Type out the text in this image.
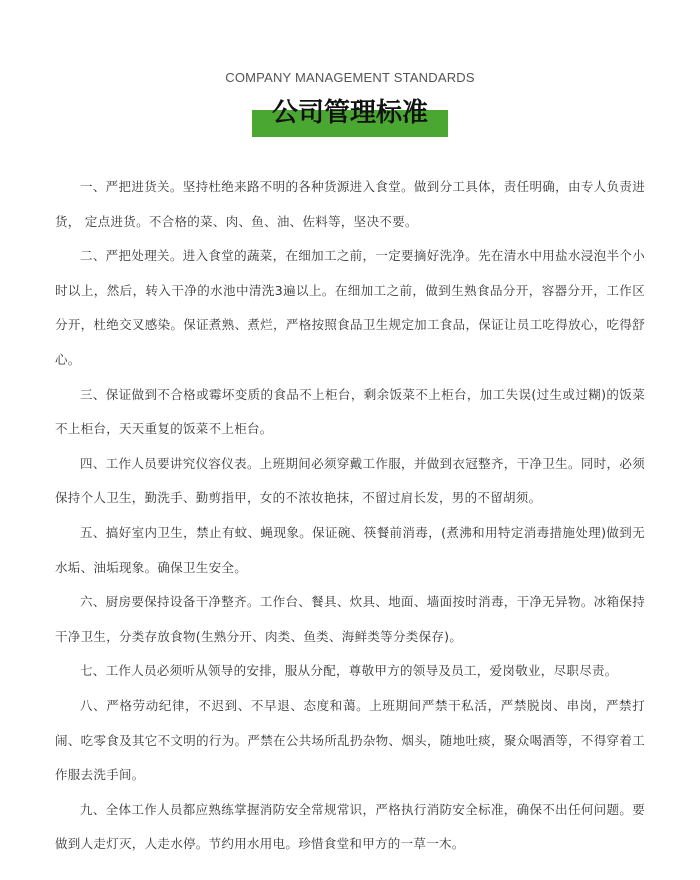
COMPANY MANAGEMENT STANDARDS
公司管理标准

一、严把进货关。坚持杜绝来路不明的各种货源进入食堂。做到分工具体，责任明确，由专人负责进货， 定点进货。不合格的菜、肉、鱼、油、佐料等，坚决不要。

二、严把处理关。进入食堂的蔬菜，在细加工之前，一定要摘好洗净。先在清水中用盐水浸泡半个小时以上，然后，转入干净的水池中清洗3遍以上。在细加工之前，做到生熟食品分开，容器分开，工作区分开，杜绝交叉感染。保证煮熟、煮烂，严格按照食品卫生规定加工食品，保证让员工吃得放心，吃得舒心。

三、保证做到不合格或霉坏变质的食品不上柜台，剩余饭菜不上柜台，加工失误(过生或过糊)的饭菜不上柜台，天天重复的饭菜不上柜台。

四、工作人员要讲究仪容仪表。上班期间必须穿戴工作服，并做到衣冠整齐，干净卫生。同时，必须保持个人卫生，勤洗手、勤剪指甲，女的不浓妆艳抹，不留过肩长发，男的不留胡须。

五、搞好室内卫生，禁止有蚊、蝇现象。保证碗、筷餐前消毒，(煮沸和用特定消毒措施处理)做到无水垢、油垢现象。确保卫生安全。

六、厨房要保持设备干净整齐。工作台、餐具、炊具、地面、墙面按时消毒，干净无异物。冰箱保持干净卫生，分类存放食物(生熟分开、肉类、鱼类、海鲜类等分类保存)。

七、工作人员必须听从领导的安排，服从分配，尊敬甲方的领导及员工，爱岗敬业，尽职尽责。

八、严格劳动纪律，不迟到、不早退、态度和蔼。上班期间严禁干私活，严禁脱岗、串岗，严禁打闹、吃零食及其它不文明的行为。严禁在公共场所乱扔杂物、烟头，随地吐痰，聚众喝酒等，不得穿着工作服去洗手间。

九、全体工作人员都应熟练掌握消防安全常规常识，严格执行消防安全标准，确保不出任何问题。要做到人走灯灭，人走水停。节约用水用电。珍惜食堂和甲方的一草一木。
